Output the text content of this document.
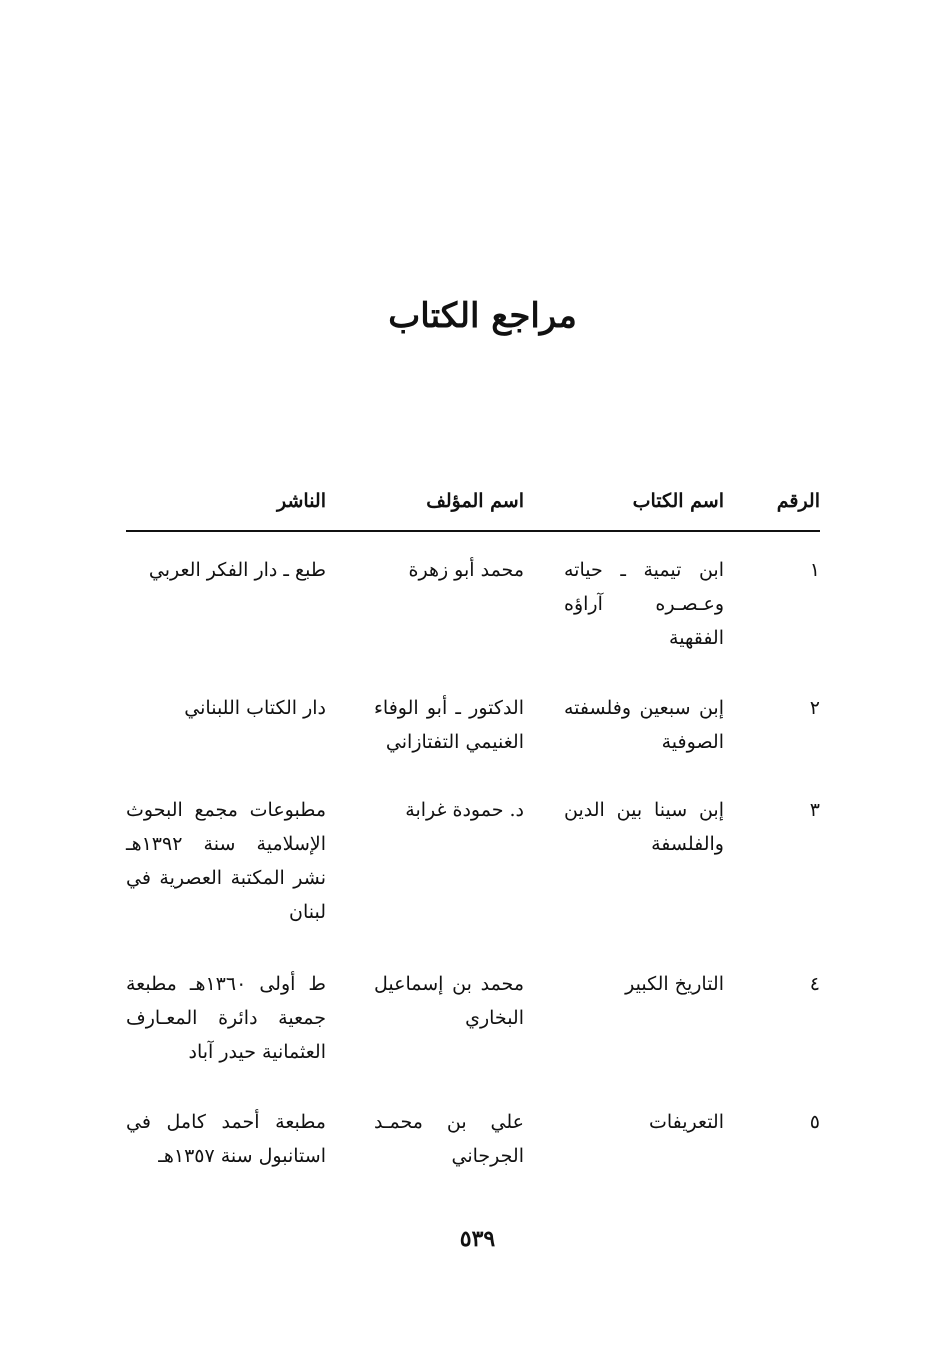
مراجع الكتاب
الرقم
اسم الكتاب
اسم المؤلف
الناشر
١
ابن تيمية ـ حياته وعـصـره آراؤه الفقهية
محمد أبو زهرة
طبع ـ دار الفكر العربي
٢
إبن سبعين وفلسفته الصوفية
الدكتور ـ أبو الوفاء الغنيمي التفتازاني
دار الكتاب اللبناني
٣
إبن سينا بين الدين والفلسفة
د. حمودة غرابة
مطبوعات مجمع البحوث الإسلامية سنة ١٣٩٢هـ نشر المكتبة العصرية في لبنان
٤
التاريخ الكبير
محمد بن إسماعيل البخاري
ط أولى ١٣٦٠هـ مطبعة جمعية دائرة المعـارف العثمانية حيدر آباد
٥
التعريفات
علي بن محمـد الجرجاني
مطبعة أحمد كامل في استانبول سنة ١٣٥٧هـ
٥٣٩
